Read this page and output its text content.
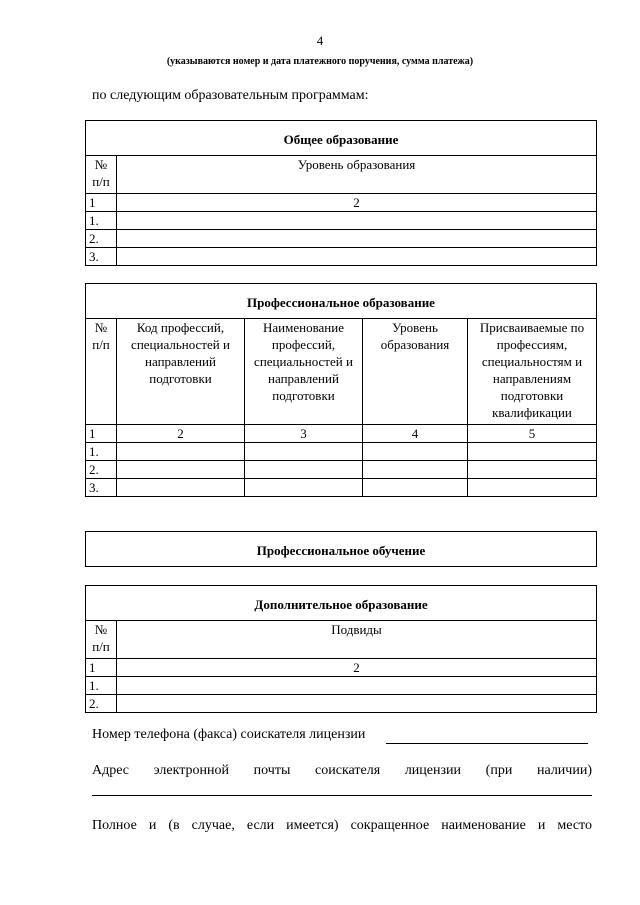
4
(указываются номер и дата платежного поручения, сумма платежа)
по следующим образовательным программам:
Общее образование	
№ п/п	Уровень образования
1	2
1.	
2.	
3.	
Профессиональное образование				
№ п/п	Код профессий, специальностей и направлений подготовки	Наименование профессий, специальностей и направлений подготовки	Уровень образования	Присваиваемые по профессиям, специальностям и направлениям подготовки квалификации
1	2	3	4	5
1.				
2.				
3.				
Профессиональное обучение
Дополнительное образование	
№ п/п	Подвиды
1	2
1.	
2.	
Номер телефона (факса) соискателя лицензии
Адрес электронной почты соискателя лицензии (при наличии)
Полное и (в случае, если имеется) сокращенное наименование и место
